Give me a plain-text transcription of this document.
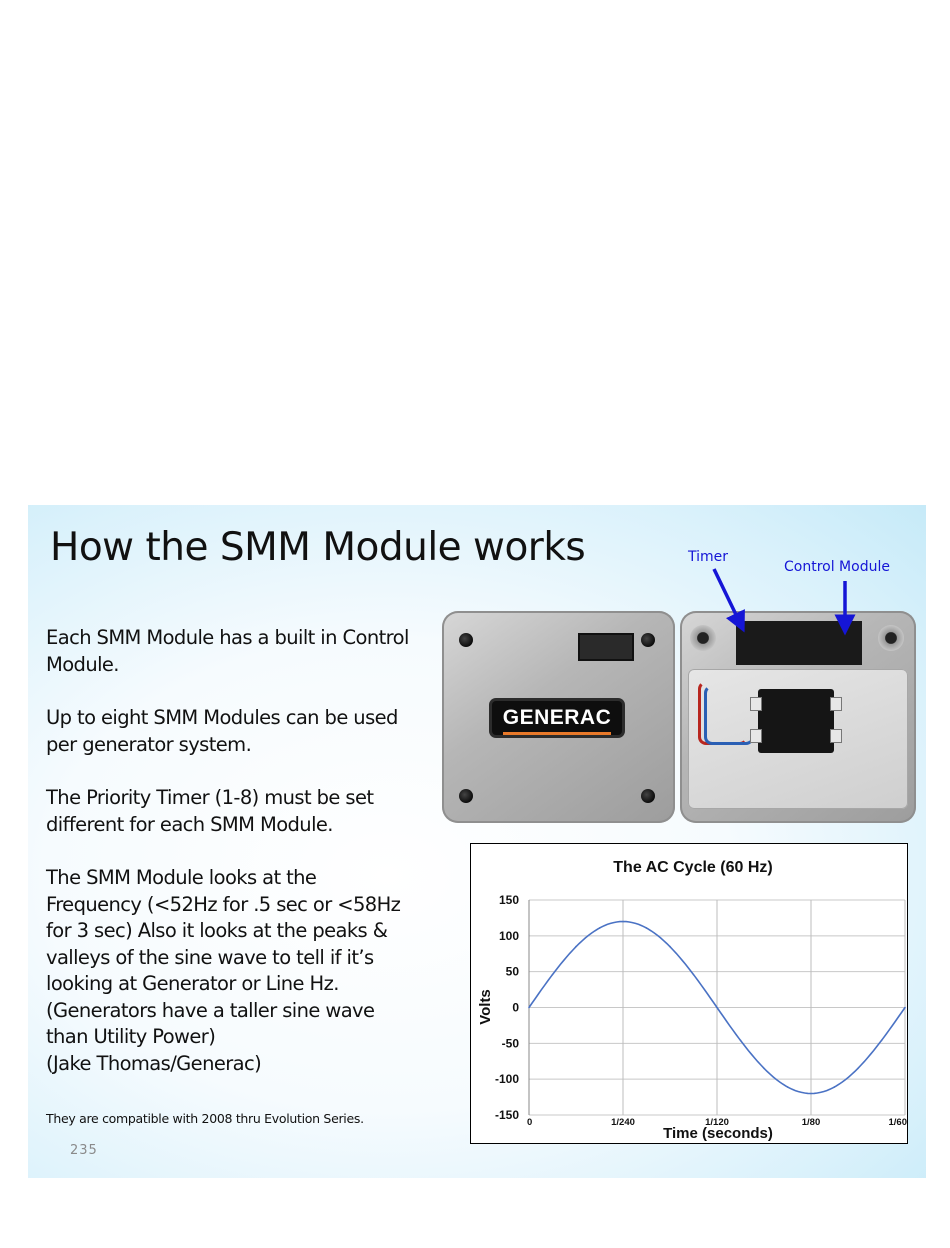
How the SMM Module works

Each SMM Module has a built in Control
Module.

Up to eight SMM Modules can be used
per generator system.

The Priority Timer (1-8) must be set
different for each SMM Module.

The SMM Module looks at the
Frequency (<52Hz for .5 sec or <58Hz
for 3 sec) Also it looks at the peaks &
valleys of the sine wave to tell if it’s
looking at Generator or Line Hz.
(Generators have a taller sine wave
than Utility Power)
(Jake Thomas/Generac)

They are compatible with 2008 thru Evolution Series.
235
GENERAC
Timer
Control Module
The AC Cycle (60 Hz)
Volts
Time (seconds)
150
100
50
0
-50
-100
-150
0	1/240	1/120	1/80	1/60
